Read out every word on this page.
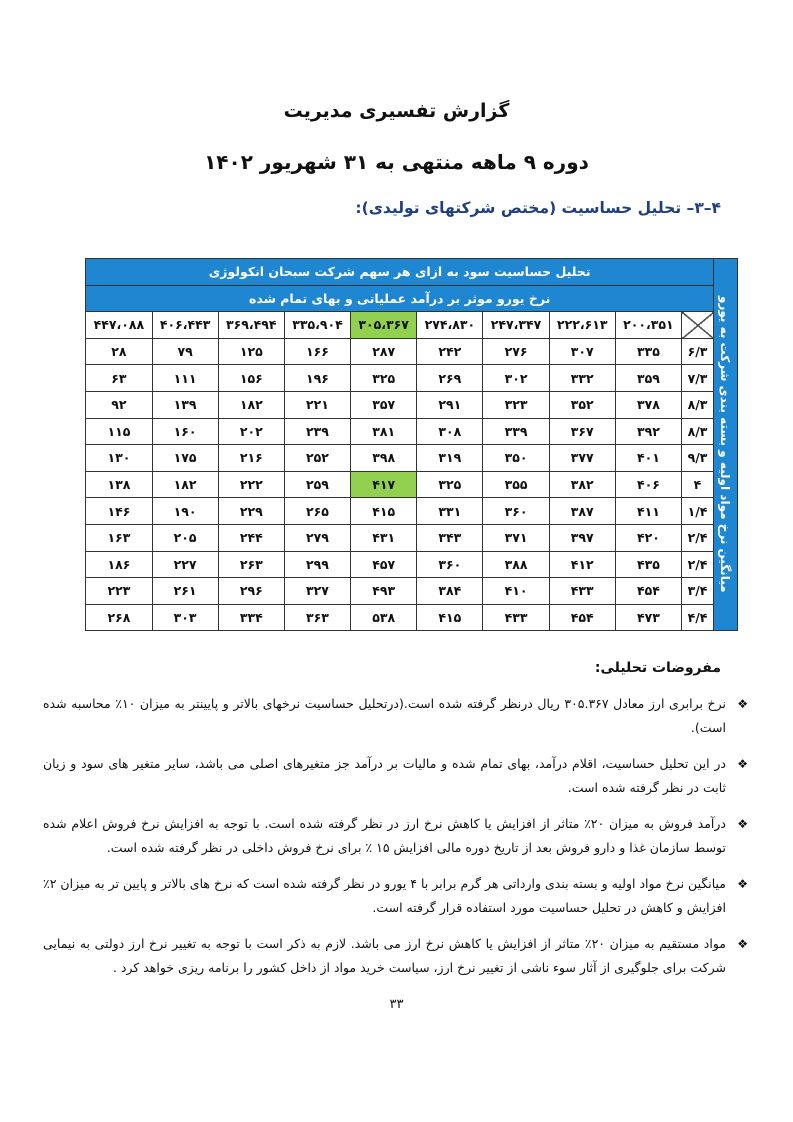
گزارش تفسیری مدیریت
دوره ۹ ماهه منتهی به ۳۱ شهریور ۱۴۰۲
۴–۳– تحلیل حساسیت (مختص شرکتهای تولیدی):
میانگین نرخ مواد اولیه و بسته بندی شرکت به یورو	تحلیل حساسیت سود به ازای هر سهم شرکت سبحان انکولوژی									
	نرخ یورو موثر بر درآمد عملیاتی و بهای تمام شده									
		۲۰۰،۳۵۱	۲۲۲،۶۱۳	۲۴۷،۳۴۷	۲۷۴،۸۳۰	۳۰۵،۳۶۷	۳۳۵،۹۰۴	۳۶۹،۴۹۴	۴۰۶،۴۴۳	۴۴۷،۰۸۸
	۶/۳	۳۳۵	۳۰۷	۲۷۶	۲۴۲	۲۸۷	۱۶۶	۱۲۵	۷۹	۲۸
	۷/۳	۳۵۹	۳۳۲	۳۰۲	۲۶۹	۳۲۵	۱۹۶	۱۵۶	۱۱۱	۶۳
	۸/۳	۳۷۸	۳۵۲	۳۲۳	۲۹۱	۳۵۷	۲۲۱	۱۸۲	۱۳۹	۹۲
	۸/۳	۳۹۲	۳۶۷	۳۳۹	۳۰۸	۳۸۱	۲۳۹	۲۰۲	۱۶۰	۱۱۵
	۹/۳	۴۰۱	۳۷۷	۳۵۰	۳۱۹	۳۹۸	۲۵۲	۲۱۶	۱۷۵	۱۳۰
	۴	۴۰۶	۳۸۲	۳۵۵	۳۲۵	۴۱۷	۲۵۹	۲۲۲	۱۸۲	۱۳۸
	۱/۴	۴۱۱	۳۸۷	۳۶۰	۳۳۱	۴۱۵	۲۶۵	۲۲۹	۱۹۰	۱۴۶
	۲/۴	۴۲۰	۳۹۷	۳۷۱	۳۴۳	۴۳۱	۲۷۹	۲۴۴	۲۰۵	۱۶۳
	۲/۴	۴۳۵	۴۱۲	۳۸۸	۳۶۰	۴۵۷	۲۹۹	۲۶۳	۲۲۷	۱۸۶
	۳/۴	۴۵۴	۴۳۳	۴۱۰	۳۸۴	۴۹۳	۳۲۷	۲۹۶	۲۶۱	۲۲۳
	۴/۴	۴۷۳	۴۵۴	۴۳۳	۴۱۵	۵۳۸	۳۶۳	۳۳۴	۳۰۳	۲۶۸
مفروضات تحلیلی:
❖
نرخ برابری ارز معادل ۳۰۵.۳۶۷ ریال درنظر گرفته شده است.(درتحلیل حساسیت نرخهای بالاتر و پایینتر به میزان ۱۰٪ محاسبه شده است).
❖
در این تحلیل حساسیت، اقلام درآمد، بهای تمام شده و مالیات بر درآمد جز متغیرهای اصلی می باشد، سایر متغیر های سود و زیان ثابت در نظر گرفته شده است.
❖
درآمد فروش به میزان ۲۰٪ متاثر از افزایش یا کاهش نرخ ارز در نظر گرفته شده است. با توجه به افزایش نرخ فروش اعلام شده توسط سازمان غذا و دارو فروش بعد از تاریخ دوره مالی افزایش ۱۵ ٪ برای نرخ فروش داخلی در نظر گرفته شده است.
❖
میانگین نرخ مواد اولیه و بسته بندی وارداتی هر گرم برابر با ۴ یورو در نظر گرفته شده است که نرخ های بالاتر و پایین تر به میزان ۲٪ افزایش و کاهش در تحلیل حساسیت مورد استفاده قرار گرفته است.
❖
مواد مستقیم به میزان ۲۰٪ متاثر از افزایش یا کاهش نرخ ارز می باشد. لازم به ذکر است با توجه به تغییر نرخ ارز دولتی به نیمایی شرکت برای جلوگیری از آثار سوء ناشی از تغییر نرخ ارز، سیاست خرید مواد از داخل کشور را برنامه ریزی خواهد کرد .
۳۳
